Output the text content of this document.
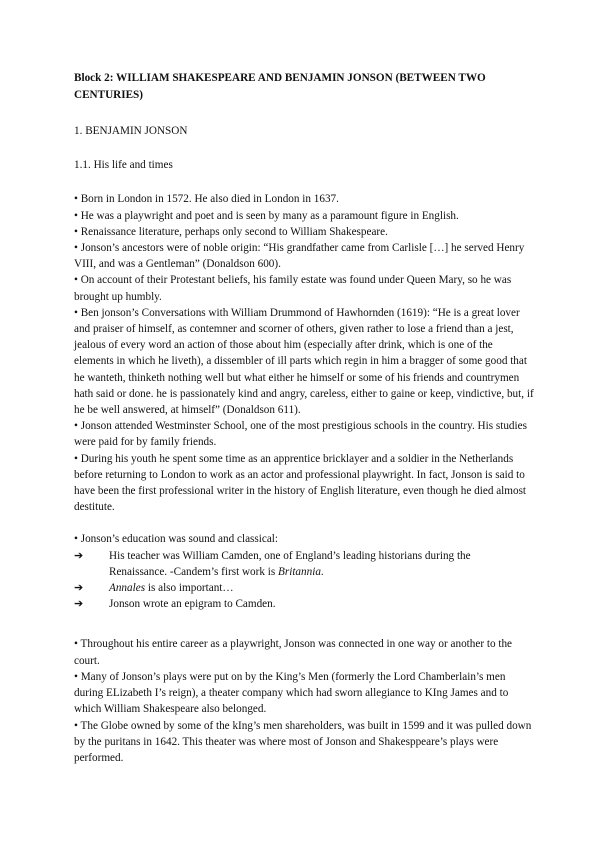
Block 2: WILLIAM SHAKESPEARE AND BENJAMIN JONSON (BETWEEN TWO CENTURIES)

1. BENJAMIN JONSON

1.1. His life and times

• Born in London in 1572. He also died in London in 1637.

• He was a playwright and poet and is seen by many as a paramount figure in English.

• Renaissance literature, perhaps only second to William Shakespeare.

• Jonson’s ancestors were of noble origin: “His grandfather came from Carlisle […] he served Henry VIII, and was a Gentleman” (Donaldson 600).

• On account of their Protestant beliefs, his family estate was found under Queen Mary, so he was brought up humbly.

• Ben jonson’s Conversations with William Drummond of Hawhornden (1619): “He is a great lover and praiser of himself, as contemner and scorner of others, given rather to lose a friend than a jest, jealous of every word an action of those about him (especially after drink, which is one of the elements in which he liveth), a dissembler of ill parts which regin in him a bragger of some good that he wanteth, thinketh nothing well but what either he himself or some of his friends and countrymen hath said or done. he is passionately kind and angry, careless, either to gaine or keep, vindictive, but, if he be well answered, at himself” (Donaldson 611).

• Jonson attended Westminster School, one of the most prestigious schools in the country. His studies were paid for by family friends.

• During his youth he spent some time as an apprentice bricklayer and a soldier in the Netherlands before returning to London to work as an actor and professional playwright. In fact, Jonson is said to have been the first professional writer in the history of English literature, even though he died almost destitute.

• Jonson’s education was sound and classical:

➔	His teacher was William Camden, one of England’s leading historians during the
Renaissance. -Candem’s first work is Britannia.

➔	Annales is also important…

➔	Jonson wrote an epigram to Camden.

• Throughout his entire career as a playwright, Jonson was connected in one way or another to the court.

• Many of Jonson’s plays were put on by the King’s Men (formerly the Lord Chamberlain’s men during ELizabeth I’s reign), a theater company which had sworn allegiance to KIng James and to which William Shakespeare also belonged.

• The Globe owned by some of the kIng’s men shareholders, was built in 1599 and it was pulled down by the puritans in 1642. This theater was where most of Jonson and Shakesppeare’s plays were performed.
